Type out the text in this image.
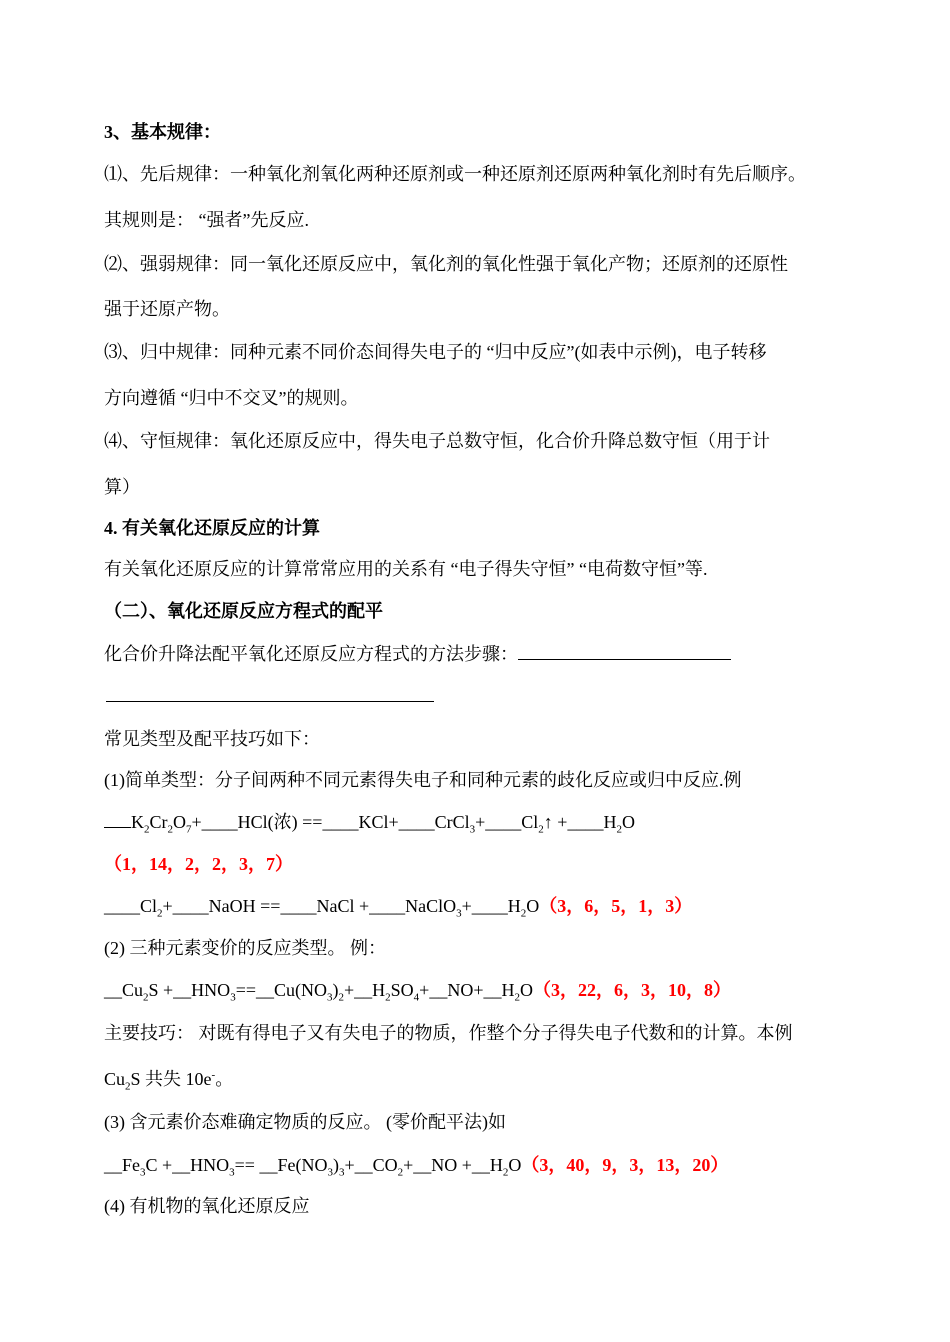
3、基本规律：
⑴、先后规律：一种氧化剂氧化两种还原剂或一种还原剂还原两种氧化剂时有先后顺序。
其规则是： “强者”先反应.
⑵、强弱规律：同一氧化还原反应中，氧化剂的氧化性强于氧化产物；还原剂的还原性
强于还原产物。
⑶、归中规律：同种元素不同价态间得失电子的 “归中反应”(如表中示例)，电子转移
方向遵循 “归中不交叉”的规则。
⑷、守恒规律：氧化还原反应中，得失电子总数守恒，化合价升降总数守恒（用于计
算）
4. 有关氧化还原反应的计算
有关氧化还原反应的计算常常应用的关系有 “电子得失守恒” “电荷数守恒”等.
（二）、氧化还原反应方程式的配平
化合价升降法配平氧化还原反应方程式的方法步骤：
常见类型及配平技巧如下：
(1)简单类型：分子间两种不同元素得失电子和同种元素的歧化反应或归中反应.例
$K_2Cr_2O_7+\_\_\_\_HCl$(浓) $==\_\_\_\_KCl+\_\_\_\_CrCl_3+\_\_\_\_Cl_2↑$ $+\_\_\_\_H_2O$
（1，14，2，2，3，7）
$\_\_\_\_Cl_2+\_\_\_\_NaOH$ ==____NaCl $+\_\_\_\_NaClO_3+\_\_\_\_H_2O(3$，6，5，1，3）
(2) 三种元素变价的反应类型。 例：
$\_\_Cu_2S$ $+\_\_HNO_3==\_\_Cu(NO_3)_2+\_\_H_2SO_4+\_\_NO+\_\_H_2O(3$，22，6，3，10，8）
主要技巧： 对既有得电子又有失电子的物质，作整个分子得失电子代数和的计算。本例
$Cu_2S$ 共失 10e-。
(3) 含元素价态难确定物质的反应。 (零价配平法)如
$\_\_Fe_3C$ $+\_\_HNO_3==$ $\_\_Fe(NO_3)_3+\_\_CO_2+\_\_NO$ $+\_\_H_2O(3$，40，9，3，13，20）
(4) 有机物的氧化还原反应
